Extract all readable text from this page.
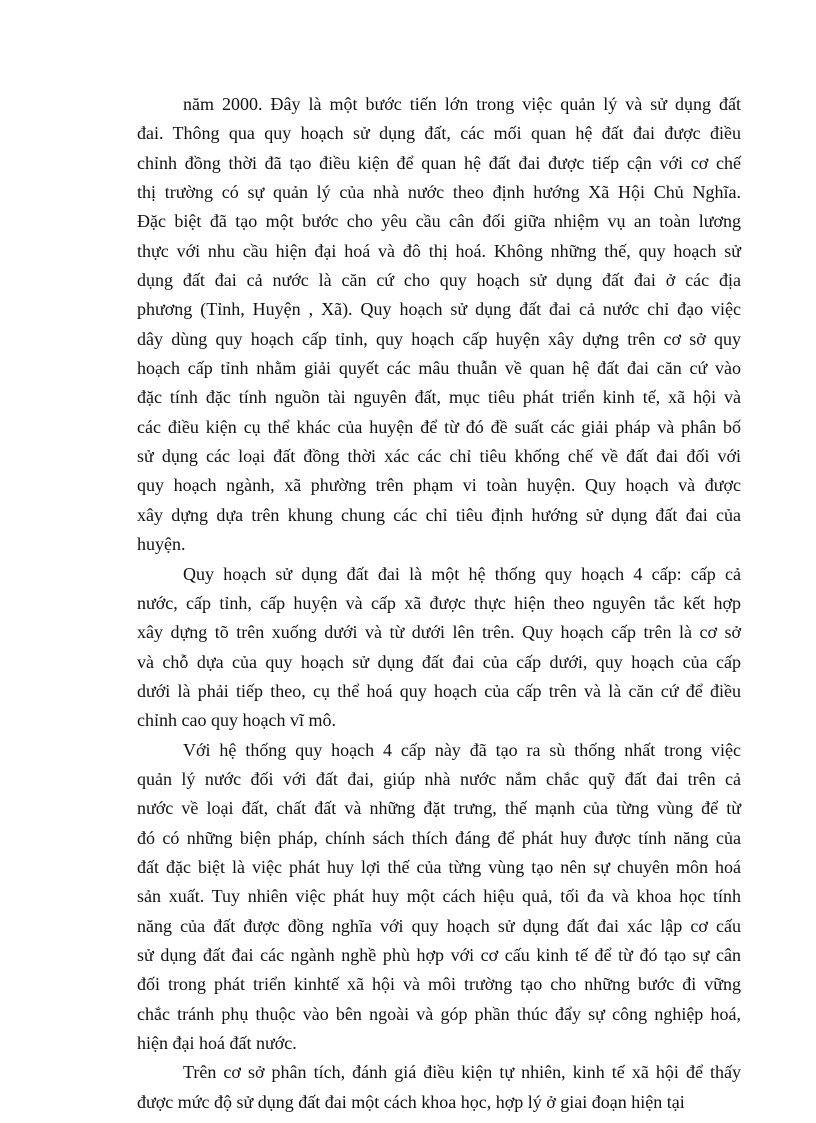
năm 2000. Đây là một bước tiến lớn trong việc quản lý và sử dụng đất
đai. Thông qua quy hoạch sử dụng đất, các mối quan hệ đất đai được điều
chỉnh đồng thời đã tạo điều kiện để quan hệ đất đai được tiếp cận với cơ chế
thị trường có sự quản lý của nhà nước theo định hướng Xã Hội Chủ Nghĩa.
Đặc biệt đã tạo một bước cho yêu cầu cân đối giữa nhiệm vụ an toàn lương
thực với nhu cầu hiện đại hoá và đô thị hoá. Không những thế, quy hoạch sử
dụng đất đai cả nước là căn cứ cho quy hoạch sử dụng đất đai ở các địa
phương (Tỉnh, Huyện , Xã). Quy hoạch sử dụng đất đai cả nước chỉ đạo việc
dây dùng quy hoạch cấp tỉnh, quy hoạch cấp huyện xây dựng trên cơ sở quy
hoạch cấp tỉnh nhằm giải quyết các mâu thuẫn về quan hệ đất đai căn cứ vào
đặc tính đặc tính nguồn tài nguyên đất, mục tiêu phát triển kinh tế, xã hội và
các điều kiện cụ thể khác của huyện để từ đó đề suất các giải pháp và phân bố
sử dụng các loại đất đồng thời xác các chỉ tiêu khống chế về đất đai đối với
quy hoạch ngành, xã phường trên phạm vi toàn huyện. Quy hoạch và được
xây dựng dựa trên khung chung các chỉ tiêu định hướng sử dụng đất đai của
huyện.
Quy hoạch sử dụng đất đai là một hệ thống quy hoạch 4 cấp: cấp cả
nước, cấp tỉnh, cấp huyện và cấp xã được thực hiện theo nguyên tắc kết hợp
xây dựng tõ trên xuống dưới và từ dưới lên trên. Quy hoạch cấp trên là cơ sở
và chỗ dựa của quy hoạch sử dụng đất đai của cấp dưới, quy hoạch của cấp
dưới là phải tiếp theo, cụ thể hoá quy hoạch của cấp trên và là căn cứ để điều
chỉnh cao quy hoạch vĩ mô.
Với hệ thống quy hoạch 4 cấp này đã tạo ra sù thống nhất trong việc
quản lý nước đối với đất đai, giúp nhà nước nắm chắc quỹ đất đai trên cả
nước về loại đất, chất đất và những đặt trưng, thế mạnh của từng vùng để từ
đó có những biện pháp, chính sách thích đáng để phát huy được tính năng của
đất đặc biệt là việc phát huy lợi thế của từng vùng tạo nên sự chuyên môn hoá
sản xuất. Tuy nhiên việc phát huy một cách hiệu quả, tối đa và khoa học tính
năng của đất được đồng nghĩa với quy hoạch sử dụng đất đai xác lập cơ cấu
sử dụng đất đai các ngành nghề phù hợp với cơ cấu kinh tế để từ đó tạo sự cân
đối trong phát triển kinhtế xã hội và môi trường tạo cho những bước đi vững
chắc tránh phụ thuộc vào bên ngoài và góp phần thúc đẩy sự công nghiệp hoá,
hiện đại hoá đất nước.
Trên cơ sở phân tích, đánh giá điều kiện tự nhiên, kinh tế xã hội để thấy
được mức độ sử dụng đất đai một cách khoa học, hợp lý ở giai đoạn hiện tại
